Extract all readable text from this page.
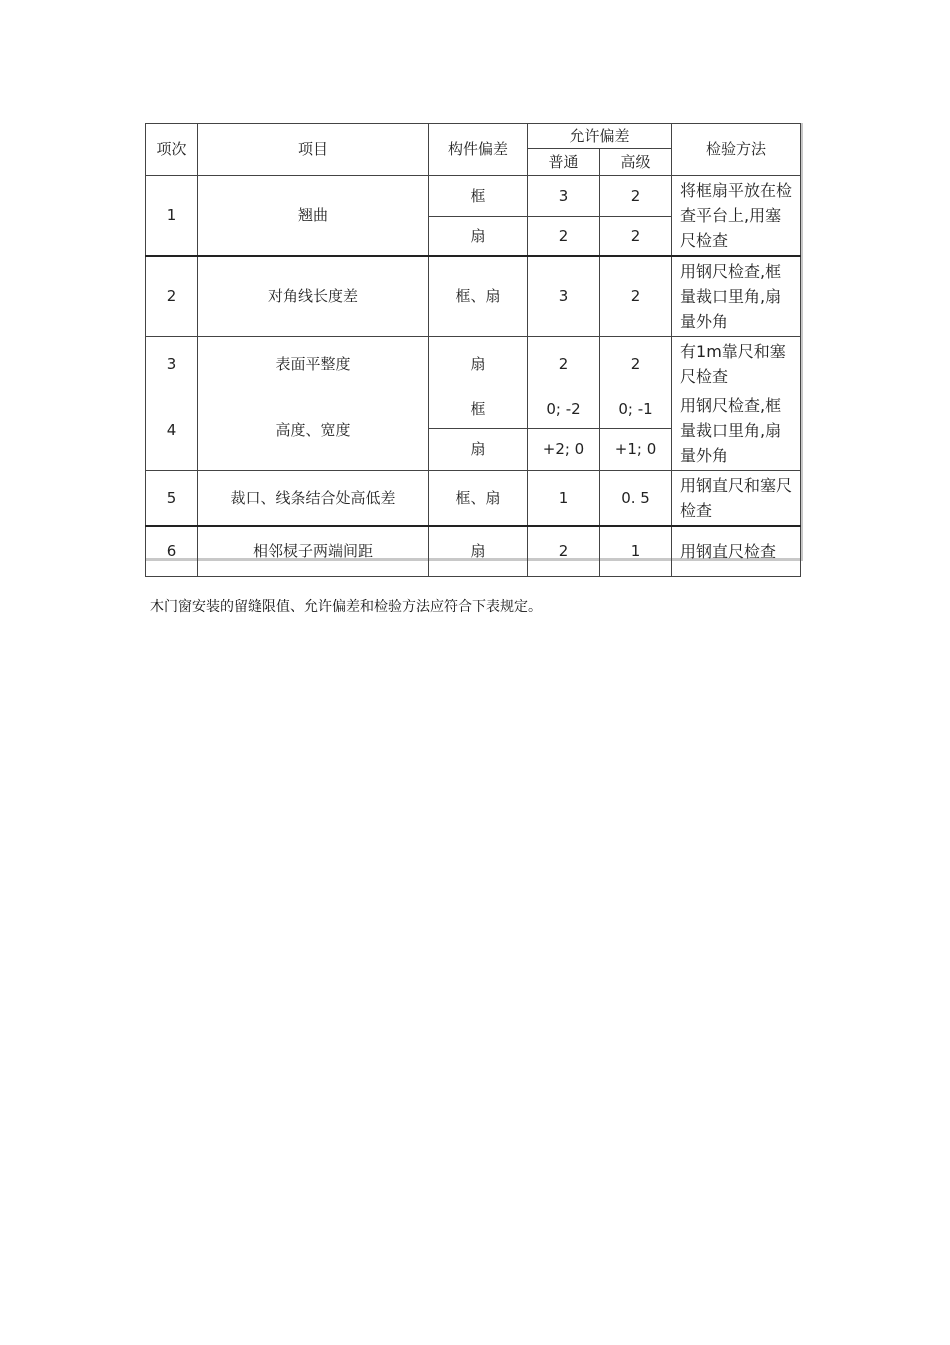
项次	项目	构件偏差	允许偏差		检验方法
			普通	高级	
1	翘曲	框	3	2	将框扇平放在检查平台上,用塞尺检查
		扇	2	2	
2	对角线长度差	框、扇	3	2	用钢尺检查,框量裁口里角,扇量外角
3	表面平整度	扇	2	2	有1m靠尺和塞尺检查
4	高度、宽度	框	0; -2	0; -1	用钢尺检查,框量裁口里角,扇量外角
		扇	+2; 0	+1; 0	
5	裁口、线条结合处高低差	框、扇	1	0. 5	用钢直尺和塞尺检查
6	相邻棂子两端间距	扇	2	1	用钢直尺检查
木门窗安装的留缝限值、允许偏差和检验方法应符合下表规定。
